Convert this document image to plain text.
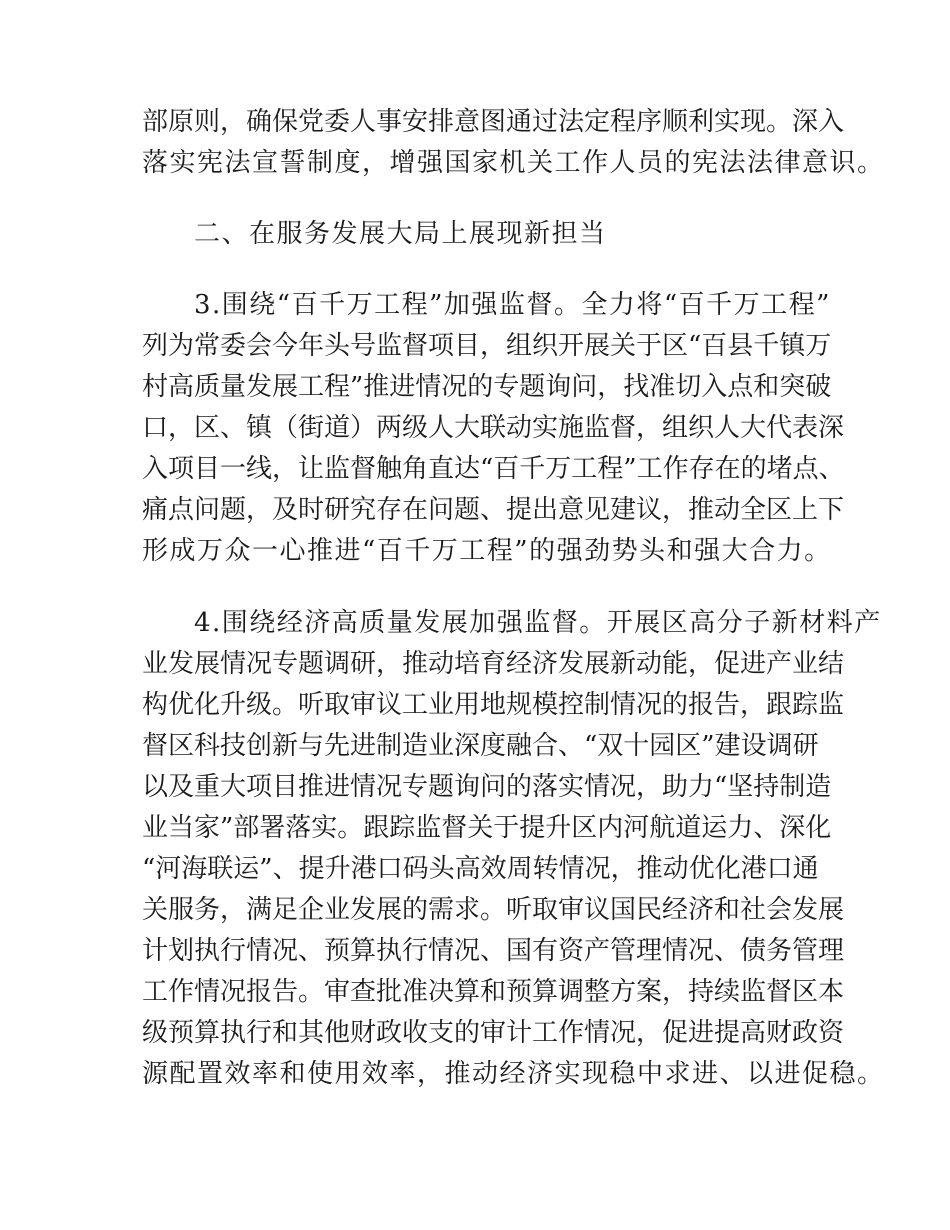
部原则，确保党委人事安排意图通过法定程序顺利实现。深入
落实宪法宣誓制度，增强国家机关工作人员的宪法法律意识。
二、在服务发展大局上展现新担当
3.围绕“百千万工程”加强监督。全力将“百千万工程”
列为常委会今年头号监督项目，组织开展关于区“百县千镇万
村高质量发展工程”推进情况的专题询问，找准切入点和突破
口，区、镇（街道）两级人大联动实施监督，组织人大代表深
入项目一线，让监督触角直达“百千万工程”工作存在的堵点、
痛点问题，及时研究存在问题、提出意见建议，推动全区上下
形成万众一心推进“百千万工程”的强劲势头和强大合力。
4.围绕经济高质量发展加强监督。开展区高分子新材料产
业发展情况专题调研，推动培育经济发展新动能，促进产业结
构优化升级。听取审议工业用地规模控制情况的报告，跟踪监
督区科技创新与先进制造业深度融合、“双十园区”建设调研
以及重大项目推进情况专题询问的落实情况，助力“坚持制造
业当家”部署落实。跟踪监督关于提升区内河航道运力、深化
“河海联运”、提升港口码头高效周转情况，推动优化港口通
关服务，满足企业发展的需求。听取审议国民经济和社会发展
计划执行情况、预算执行情况、国有资产管理情况、债务管理
工作情况报告。审查批准决算和预算调整方案，持续监督区本
级预算执行和其他财政收支的审计工作情况，促进提高财政资
源配置效率和使用效率，推动经济实现稳中求进、以进促稳。
